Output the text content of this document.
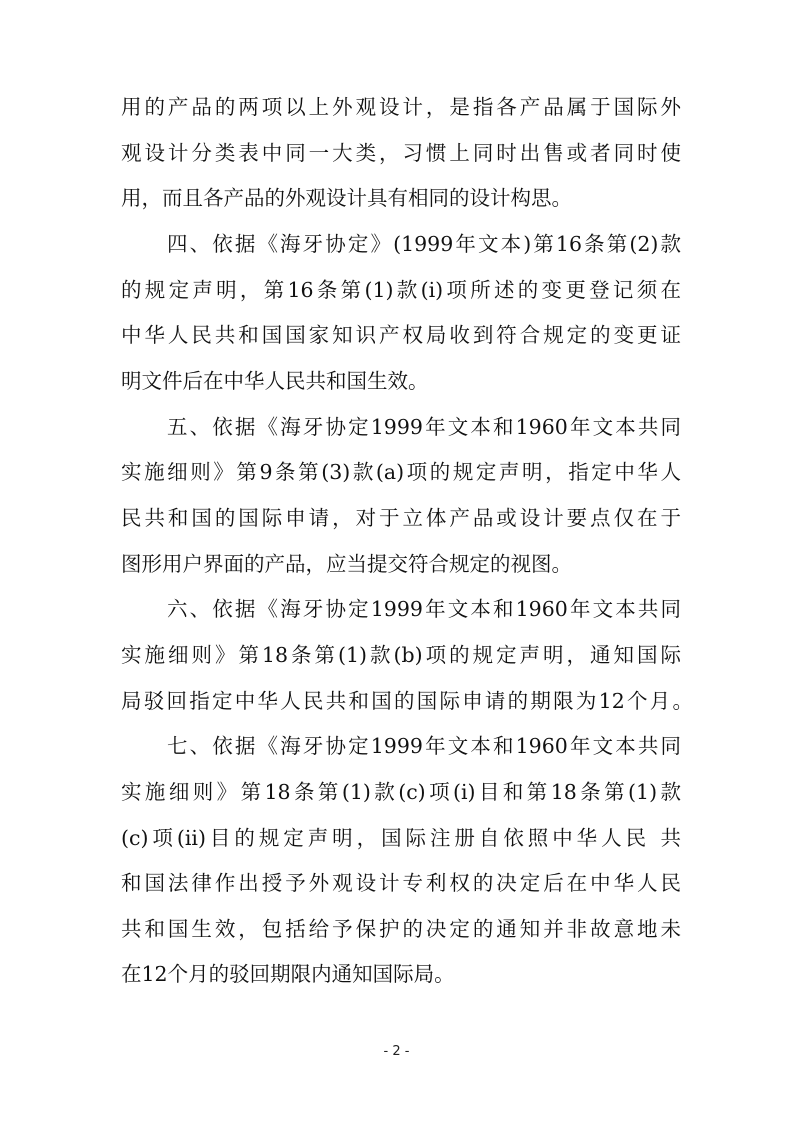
用的产品的两项以上外观设计，是指各产品属于国际外
观设计分类表中同一大类，习惯上同时出售或者同时使
用，而且各产品的外观设计具有相同的设计构思。
四、依据《海牙协定》(1999年文本)第16条第(2)款
的规定声明，第16条第(1)款(i)项所述的变更登记须在
中华人民共和国国家知识产权局收到符合规定的变更证
明文件后在中华人民共和国生效。
五、依据《海牙协定1999年文本和1960年文本共同
实施细则》第9条第(3)款(a)项的规定声明，指定中华人
民共和国的国际申请，对于立体产品或设计要点仅在于
图形用户界面的产品，应当提交符合规定的视图。
六、依据《海牙协定1999年文本和1960年文本共同
实施细则》第18条第(1)款(b)项的规定声明，通知国际
局驳回指定中华人民共和国的国际申请的期限为12个月。
七、依据《海牙协定1999年文本和1960年文本共同
实施细则》第18条第(1)款(c)项(i)目和第18条第(1)款
(c)项(ii)目的规定声明，国际注册自依照中华人民 共
和国法律作出授予外观设计专利权的决定后在中华人民
共和国生效，包括给予保护的决定的通知并非故意地未
在12个月的驳回期限内通知国际局。
- 2 -
